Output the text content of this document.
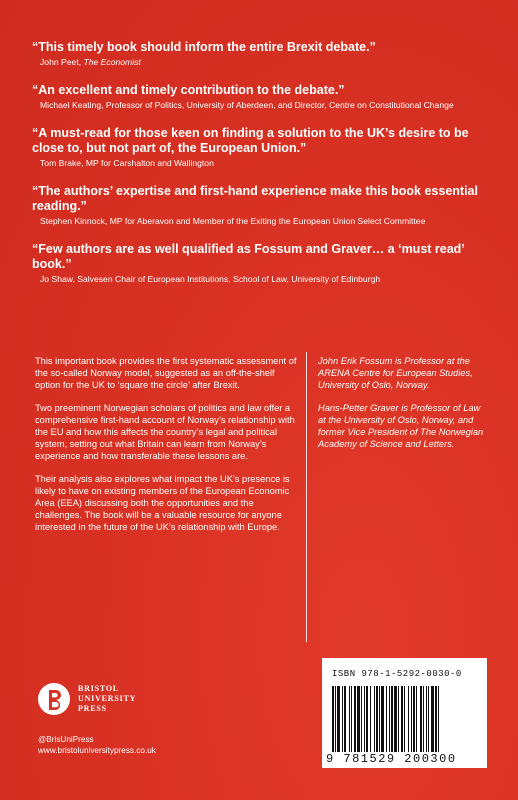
“This timely book should inform the entire Brexit debate.”
John Peet, The Economist
“An excellent and timely contribution to the debate.”
Michael Keating, Professor of Politics, University of Aberdeen, and Director, Centre on Constitutional Change
“A must-read for those keen on finding a solution to the UK’s desire to be close to, but not part of, the European Union.”
Tom Brake, MP for Carshalton and Wallington
“The authors’ expertise and first-hand experience make this book essential reading.”
Stephen Kinnock, MP for Aberavon and Member of the Exiting the European Union Select Committee
“Few authors are as well qualified as Fossum and Graver… a ‘must read’ book.”
Jo Shaw, Salvesen Chair of European Institutions, School of Law, University of Edinburgh

This important book provides the first systematic assessment of the so-called Norway model, suggested as an off-the-shelf option for the UK to ‘square the circle’ after Brexit.

Two preeminent Norwegian scholars of politics and law offer a comprehensive first-hand account of Norway’s relationship with the EU and how this affects the country’s legal and political system, setting out what Britain can learn from Norway’s experience and how transferable these lessons are.

Their analysis also explores what impact the UK’s presence is likely to have on existing members of the European Economic Area (EEA) discussing both the opportunities and the challenges. The book will be a valuable resource for anyone interested in the future of the UK’s relationship with Europe.

John Erik Fossum is Professor at the ARENA Centre for European Studies, University of Oslo, Norway.

Hans-Petter Graver is Professor of Law at the University of Oslo, Norway, and former Vice President of The Norwegian Academy of Science and Letters.

BRISTOL
UNIVERSITY
PRESS
@BrisUniPress
www.bristoluniversitypress.co.uk
ISBN 978-1-5292-0030-0
9 781529 200300
